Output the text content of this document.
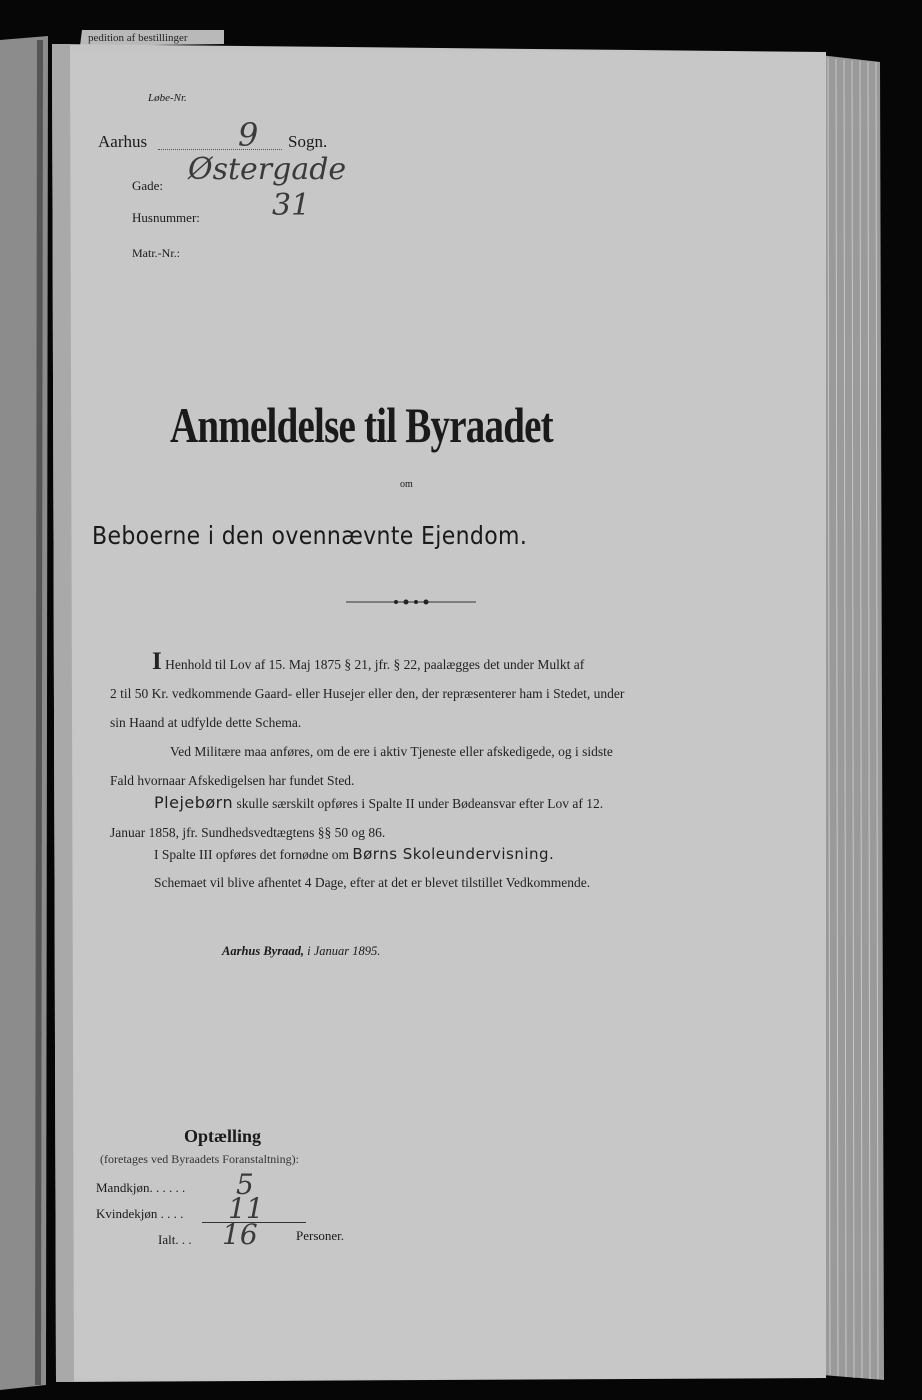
pedition af bestillinger
Løbe-Nr.
Aarhus	9 Sogn.
Gade: Østergade
Husnummer: 31
Matr.-Nr.:
Anmeldelse til Byraadet
om
Beboerne i den ovennævnte Ejendom.
I Henhold til Lov af 15. Maj 1875 § 21, jfr. § 22, paalægges det under Mulkt af
2 til 50 Kr. vedkommende Gaard- eller Husejer eller den, der repræsenterer ham i Stedet, under
sin Haand at udfylde dette Schema.
Ved Militære maa anføres, om de ere i aktiv Tjeneste eller afskedigede, og i sidste
Fald hvornaar Afskedigelsen har fundet Sted.
Plejebørn skulle særskilt opføres i Spalte II under Bødeansvar efter Lov af 12.
Januar 1858, jfr. Sundhedsvedtægtens §§ 50 og 86.
I Spalte III opføres det fornødne om Børns Skoleundervisning.
Schemaet vil blive afhentet 4 Dage, efter at det er blevet tilstillet Vedkommende.
Aarhus Byraad, i Januar 1895.
Optælling
(foretages ved Byraadets Foranstaltning):
Mandkjøn. . . . . . 5
Kvindekjøn . . . . 11
Ialt. . . 16	Personer.
